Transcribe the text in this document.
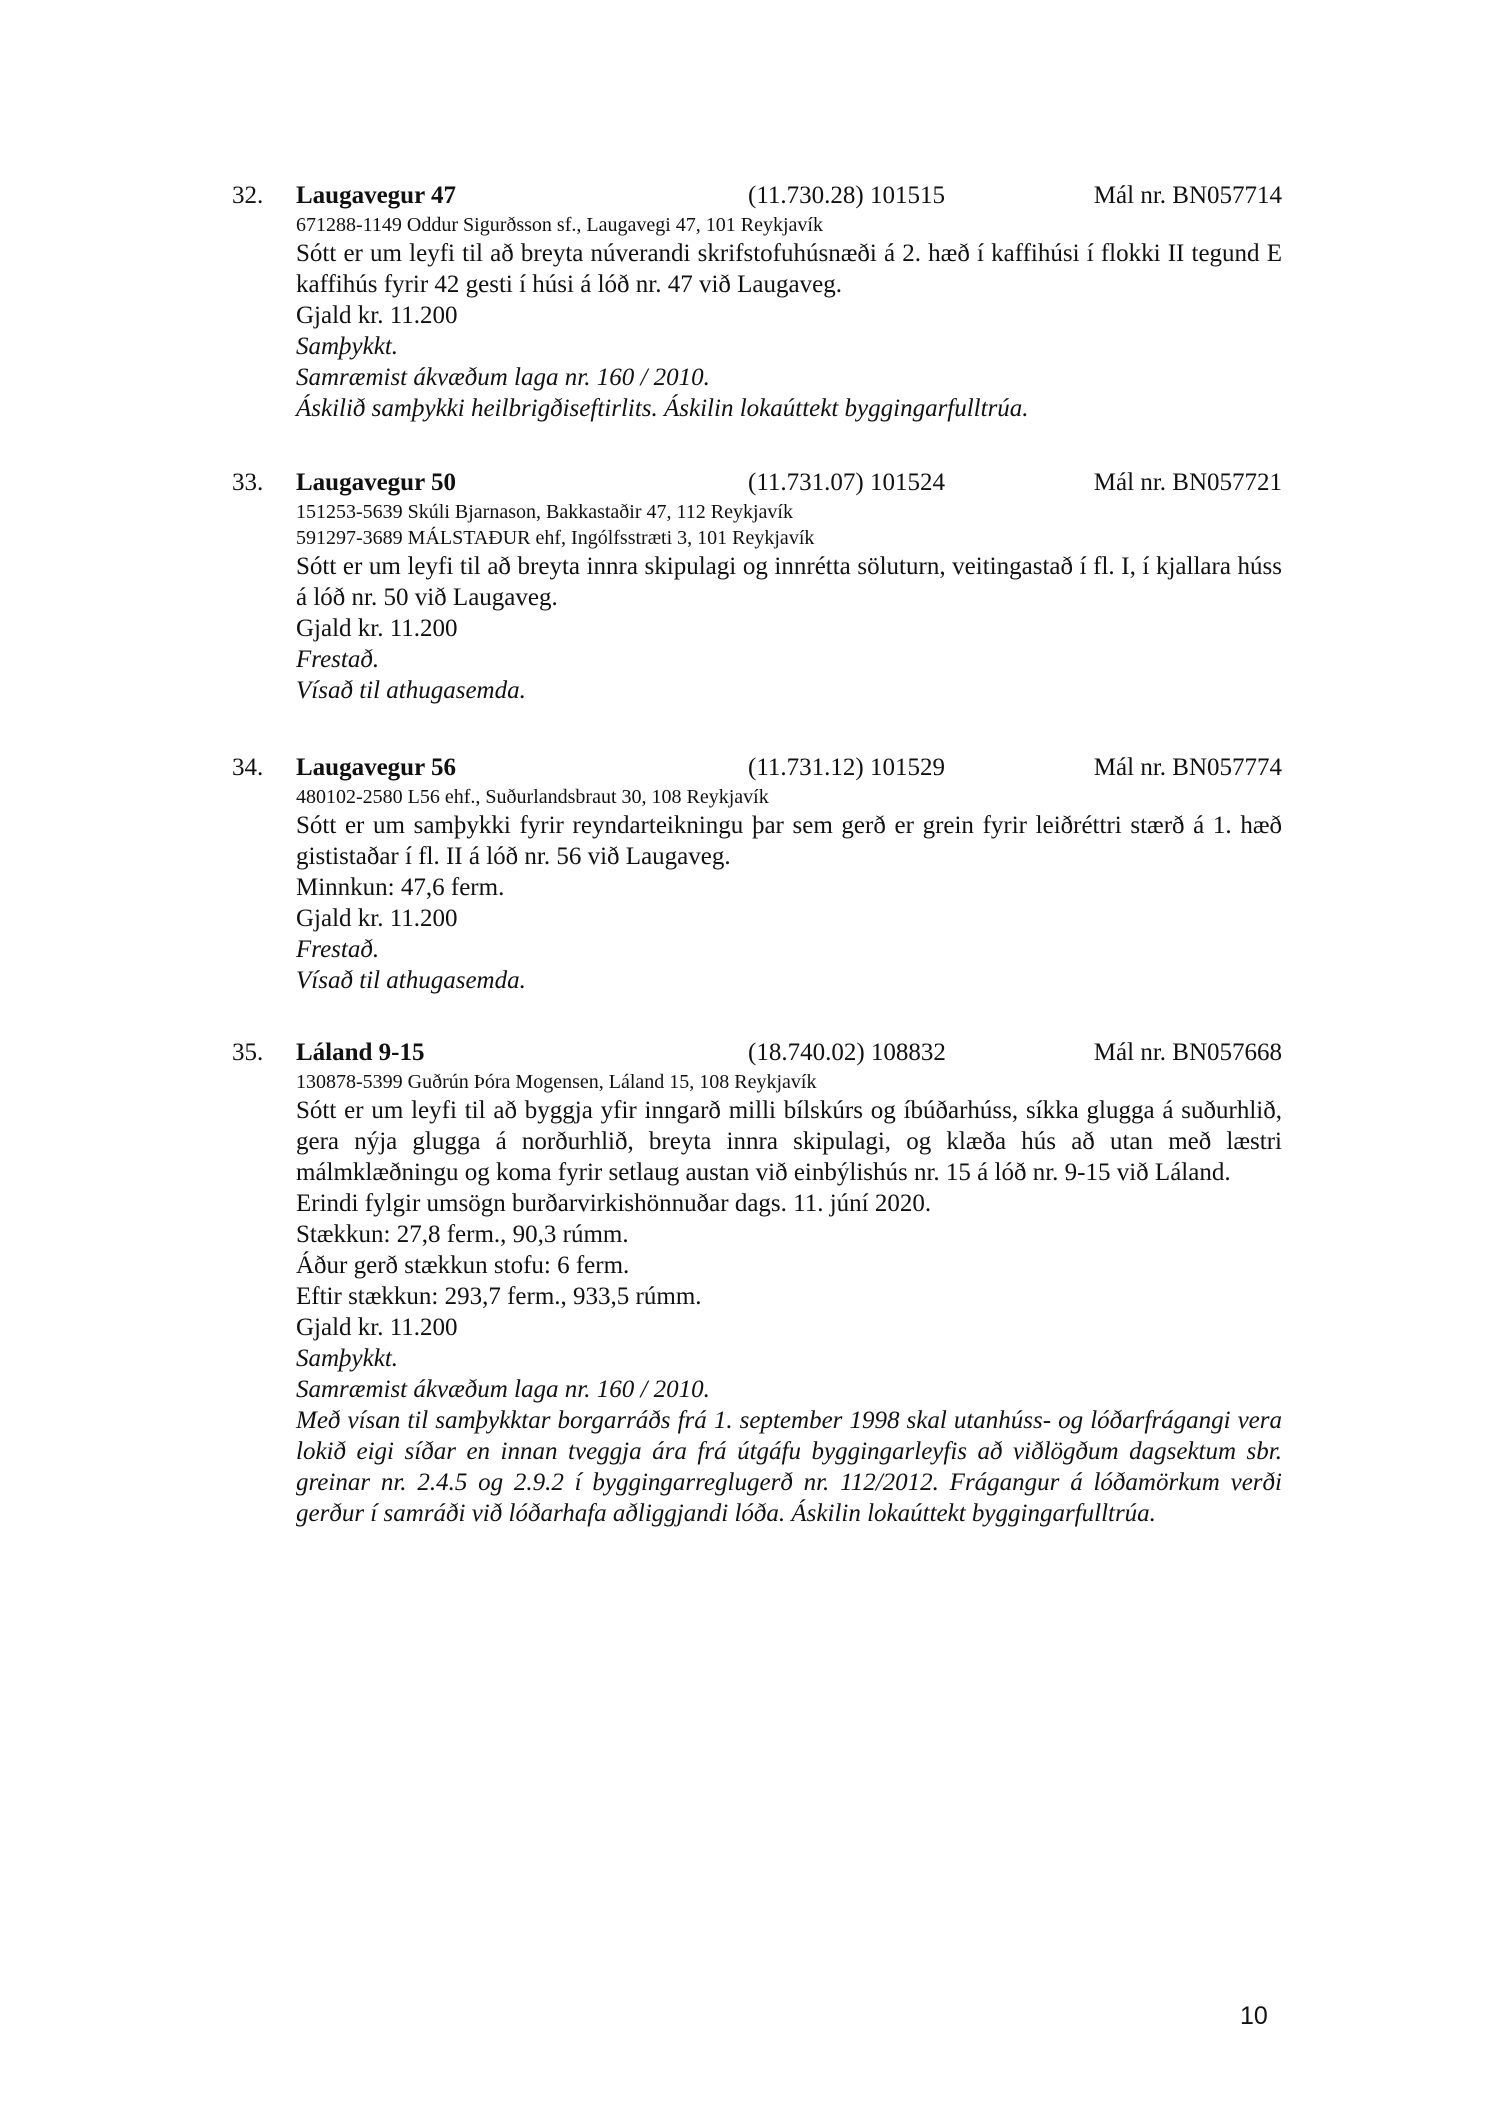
32. Laugavegur 47	(11.730.28) 101515	Mál nr. BN057714
671288-1149 Oddur Sigurðsson sf., Laugavegi 47, 101 Reykjavík

Sótt er um leyfi til að breyta núverandi skrifstofuhúsnæði á 2. hæð í kaffihúsi í flokki II tegund E kaffihús fyrir 42 gesti í húsi á lóð nr. 47 við Laugaveg.

Gjald kr. 11.200
Samþykkt.
Samræmist ákvæðum laga nr. 160 / 2010.
Áskilið samþykki heilbrigðiseftirlits. Áskilin lokaúttekt byggingarfulltrúa.
33. Laugavegur 50	(11.731.07) 101524	Mál nr. BN057721
151253-5639 Skúli Bjarnason, Bakkastaðir 47, 112 Reykjavík
591297-3689 MÁLSTAÐUR ehf, Ingólfsstræti 3, 101 Reykjavík

Sótt er um leyfi til að breyta innra skipulagi og innrétta söluturn, veitingastað í fl. I, í kjallara húss á lóð nr. 50 við Laugaveg.

Gjald kr. 11.200
Frestað.
Vísað til athugasemda.
34. Laugavegur 56	(11.731.12) 101529	Mál nr. BN057774
480102-2580 L56 ehf., Suðurlandsbraut 30, 108 Reykjavík

Sótt er um samþykki fyrir reyndarteikningu þar sem gerð er grein fyrir leiðréttri stærð á 1. hæð gististaðar í fl. II á lóð nr. 56 við Laugaveg.

Minnkun: 47,6 ferm.
Gjald kr. 11.200
Frestað.
Vísað til athugasemda.
35. Láland 9-15	(18.740.02) 108832	Mál nr. BN057668
130878-5399 Guðrún Þóra Mogensen, Láland 15, 108 Reykjavík

Sótt er um leyfi til að byggja yfir inngarð milli bílskúrs og íbúðarhúss, síkka glugga á suðurhlið, gera nýja glugga á norðurhlið, breyta innra skipulagi, og klæða hús að utan með læstri málmklæðningu og koma fyrir setlaug austan við einbýlishús nr. 15 á lóð nr. 9-15 við Láland.

Erindi fylgir umsögn burðarvirkishönnuðar dags. 11. júní 2020.
Stækkun: 27,8 ferm., 90,3 rúmm.
Áður gerð stækkun stofu: 6 ferm.
Eftir stækkun: 293,7 ferm., 933,5 rúmm.
Gjald kr. 11.200
Samþykkt.
Samræmist ákvæðum laga nr. 160 / 2010.

Með vísan til samþykktar borgarráðs frá 1. september 1998 skal utanhúss- og lóðarfrágangi vera lokið eigi síðar en innan tveggja ára frá útgáfu byggingarleyfis að viðlögðum dagsektum sbr. greinar nr. 2.4.5 og 2.9.2 í byggingarreglugerð nr. 112/2012. Frágangur á lóðamörkum verði gerður í samráði við lóðarhafa aðliggjandi lóða. Áskilin lokaúttekt byggingarfulltrúa.

10
